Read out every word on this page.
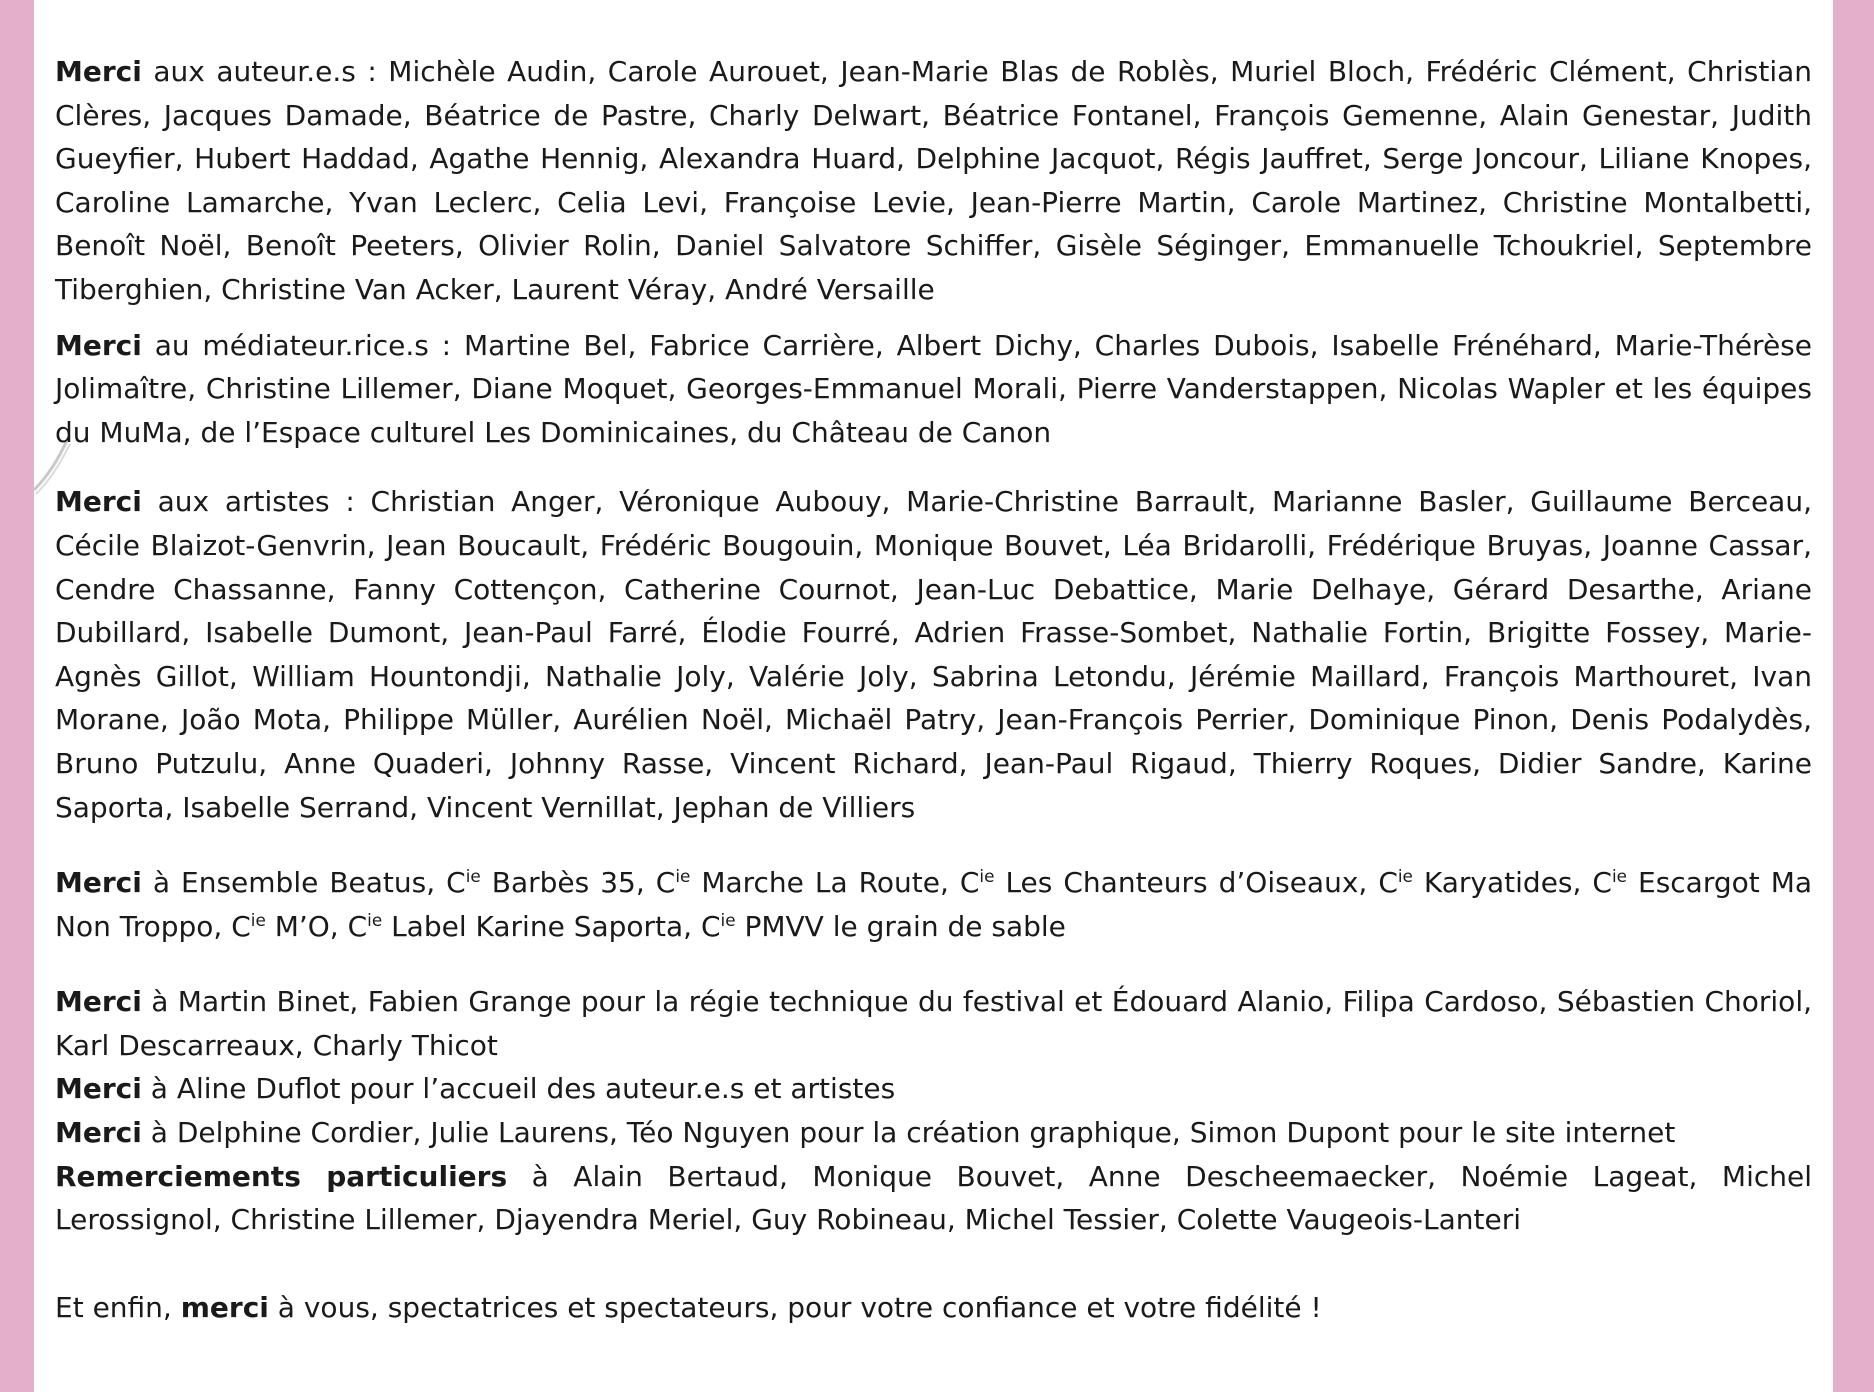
Merci aux auteur.e.s : Michèle Audin, Carole Aurouet, Jean-Marie Blas de Roblès, Muriel Bloch, Frédéric Clément, Christian Clères, Jacques Damade, Béatrice de Pastre, Charly Delwart, Béatrice Fontanel, François Gemenne, Alain Genestar, Judith Gueyfier, Hubert Haddad, Agathe Hennig, Alexandra Huard, Delphine Jacquot, Régis Jauffret, Serge Joncour, Liliane Knopes, Caroline Lamarche, Yvan Leclerc, Celia Levi, Françoise Levie, Jean-Pierre Martin, Carole Martinez, Christine Montalbetti, Benoît Noël, Benoît Peeters, Olivier Rolin, Daniel Salvatore Schiffer, Gisèle Séginger, Emmanuelle Tchoukriel, Septembre Tiberghien, Christine Van Acker, Laurent Véray, André Versaille

Merci au médiateur.rice.s : Martine Bel, Fabrice Carrière, Albert Dichy, Charles Dubois, Isabelle Frénéhard, Marie-Thérèse Jolimaître, Christine Lillemer, Diane Moquet, Georges-Emmanuel Morali, Pierre Vanderstappen, Nicolas Wapler et les équipes du MuMa, de l’Espace culturel Les Dominicaines, du Château de Canon

Merci aux artistes : Christian Anger, Véronique Aubouy, Marie-Christine Barrault, Marianne Basler, Guillaume Berceau, Cécile Blaizot-Genvrin, Jean Boucault, Frédéric Bougouin, Monique Bouvet, Léa Bridarolli, Frédérique Bruyas, Joanne Cassar, Cendre Chassanne, Fanny Cottençon, Catherine Cournot, Jean-Luc Debattice, Marie Delhaye, Gérard Desarthe, Ariane Dubillard, Isabelle Dumont, Jean-Paul Farré, Élodie Fourré, Adrien Frasse-Sombet, Nathalie Fortin, Brigitte Fossey, Marie-Agnès Gillot, William Hountondji, Nathalie Joly, Valérie Joly, Sabrina Letondu, Jérémie Maillard, François Marthouret, Ivan Morane, João Mota, Philippe Müller, Aurélien Noël, Michaël Patry, Jean-François Perrier, Dominique Pinon, Denis Podalydès, Bruno Putzulu, Anne Quaderi, Johnny Rasse, Vincent Richard, Jean-Paul Rigaud, Thierry Roques, Didier Sandre, Karine Saporta, Isabelle Serrand, Vincent Vernillat, Jephan de Villiers

Merci à Ensemble Beatus, $C^{ie}$ Barbès 35, $C^{ie}$ Marche La Route, $C^{ie}$ Les Chanteurs d’Oiseaux, $C^{ie}$ Karyatides, $C^{ie}$ Escargot Ma Non Troppo, $C^{ie}$ M’O, $C^{ie}$ Label Karine Saporta, $C^{ie}$ PMVV le grain de sable

Merci à Martin Binet, Fabien Grange pour la régie technique du festival et Édouard Alanio, Filipa Cardoso, Sébastien Choriol, Karl Descarreaux, Charly Thicot

Merci à Aline Duflot pour l’accueil des auteur.e.s et artistes

Merci à Delphine Cordier, Julie Laurens, Téo Nguyen pour la création graphique, Simon Dupont pour le site internet

Remerciements particuliers à Alain Bertaud, Monique Bouvet, Anne Descheemaecker, Noémie Lageat, Michel Lerossignol, Christine Lillemer, Djayendra Meriel, Guy Robineau, Michel Tessier, Colette Vaugeois-Lanteri

Et enfin, merci à vous, spectatrices et spectateurs, pour votre confiance et votre fidélité !
